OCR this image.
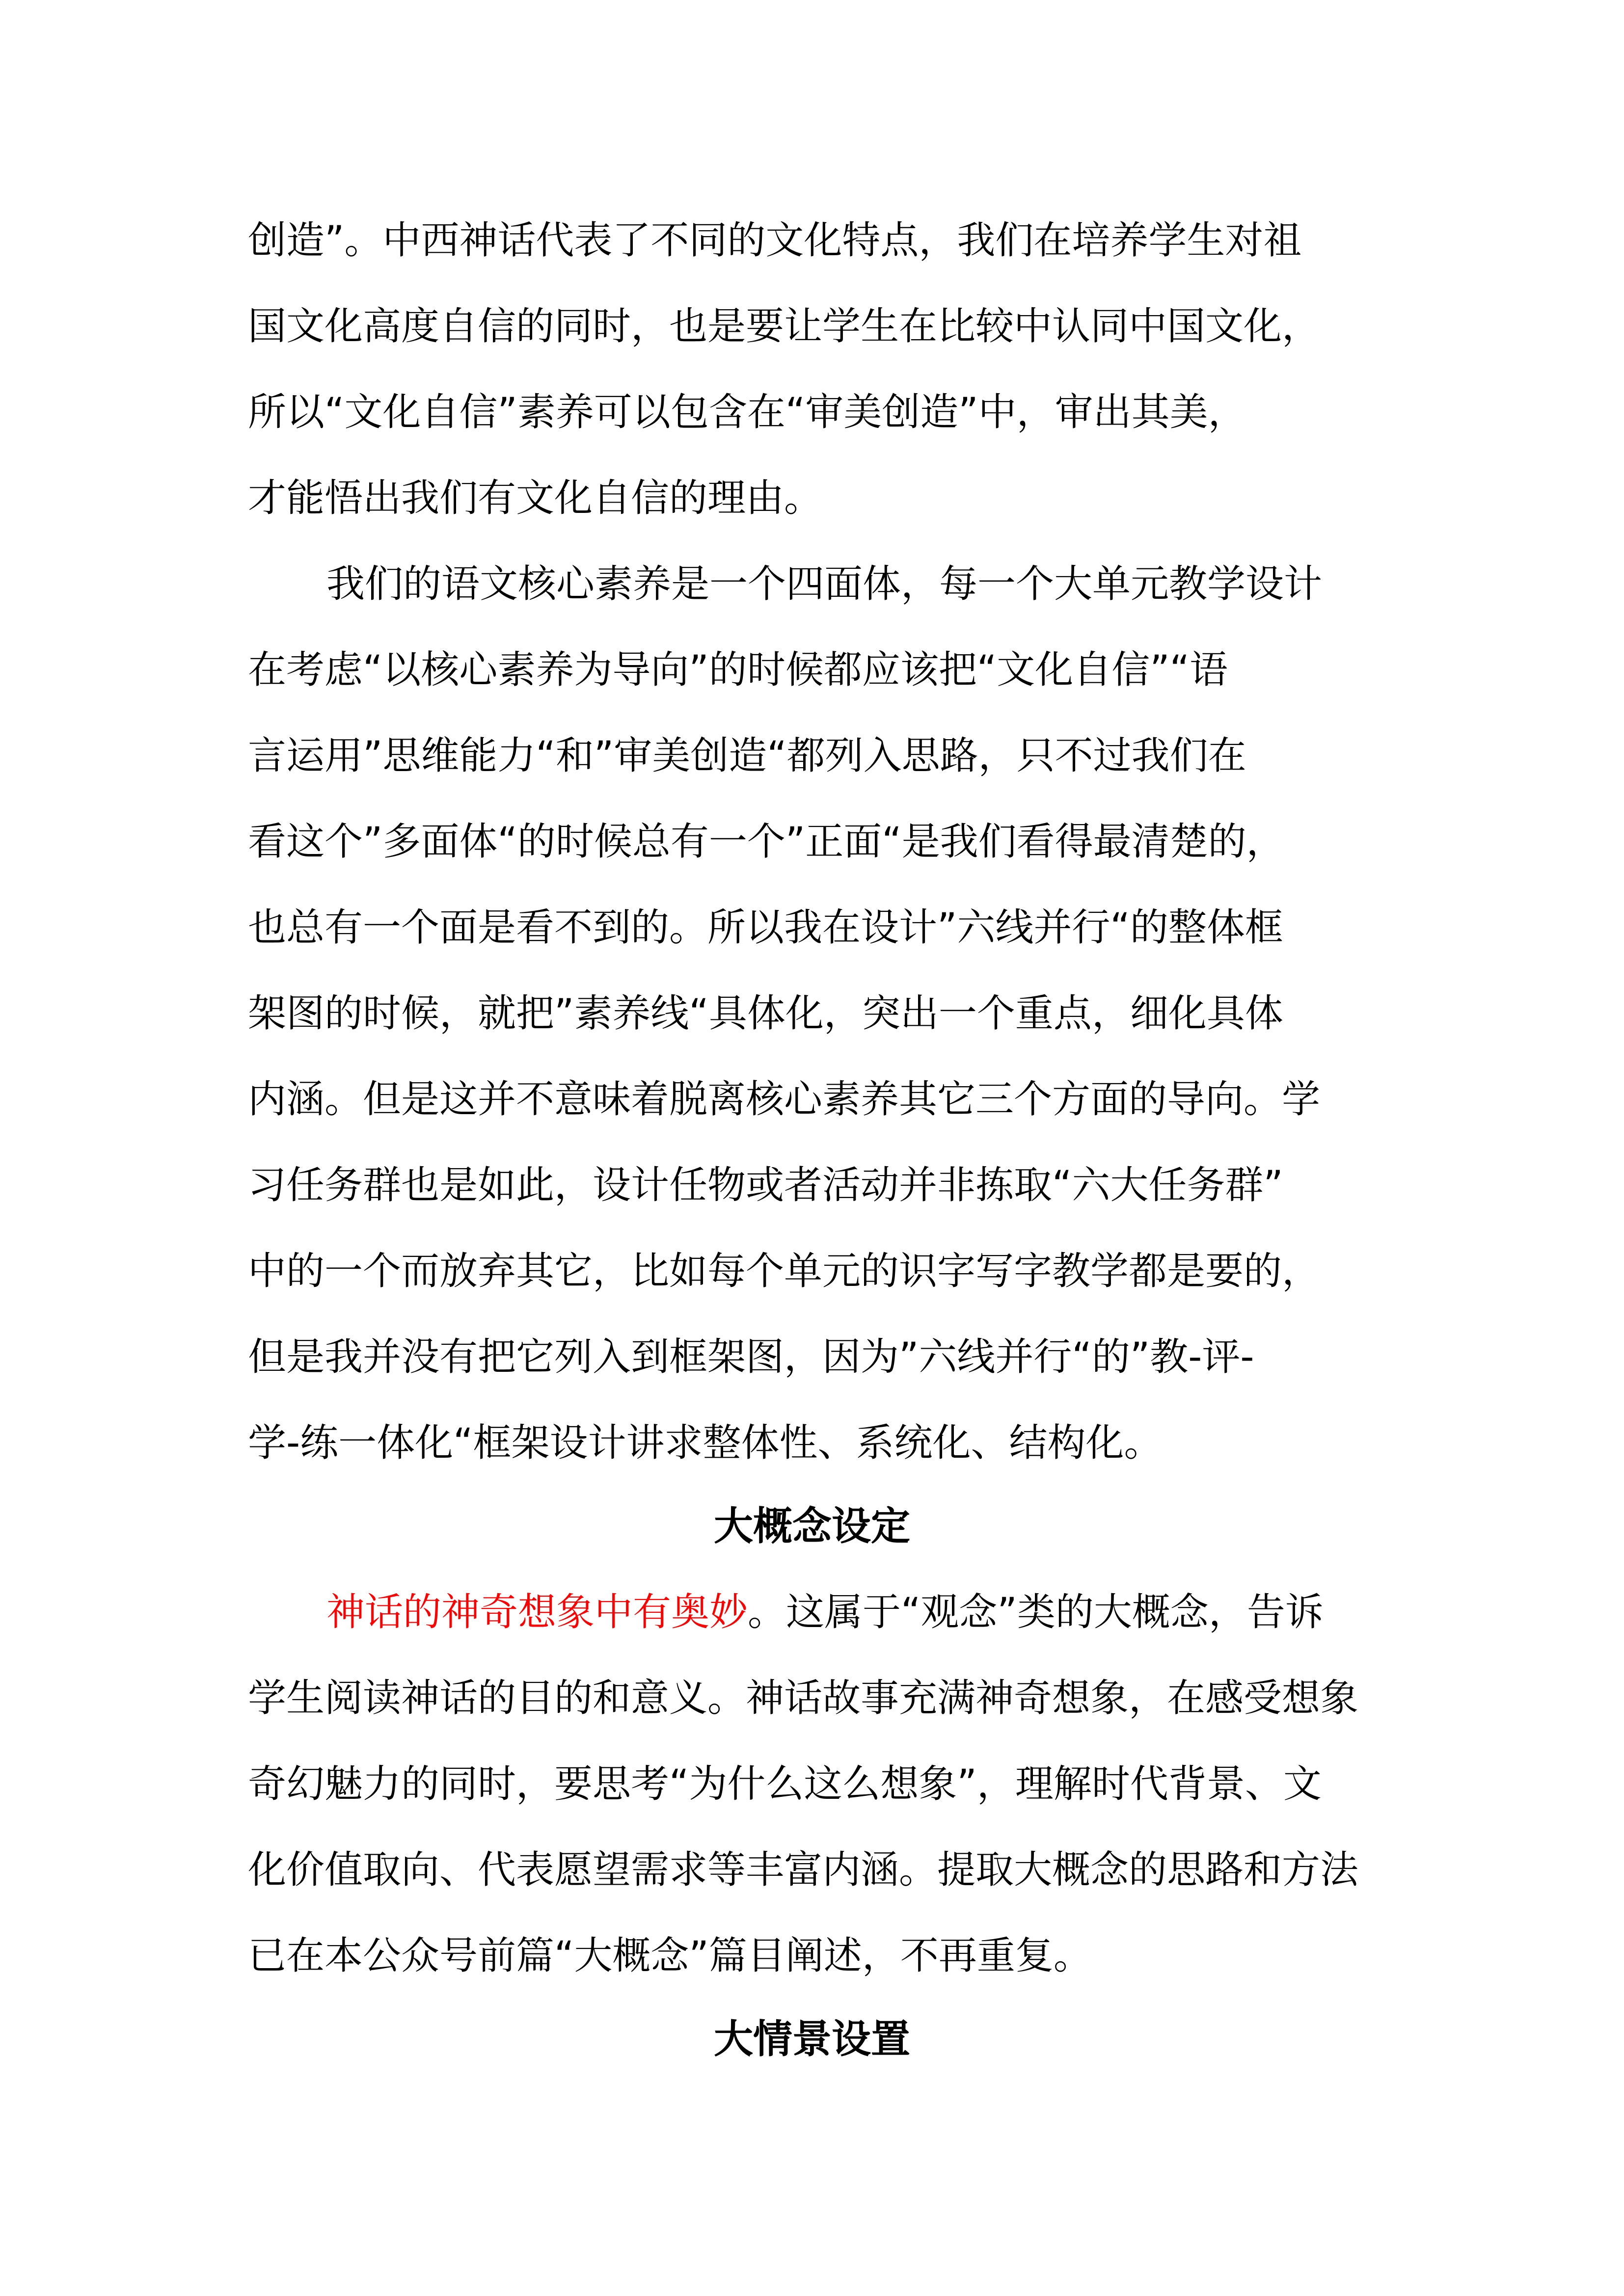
创造”。中西神话代表了不同的文化特点，我们在培养学生对祖
国文化高度自信的同时，也是要让学生在比较中认同中国文化，
所以“文化自信”素养可以包含在“审美创造”中，审出其美，
才能悟出我们有文化自信的理由。
我们的语文核心素养是一个四面体，每一个大单元教学设计
在考虑“以核心素养为导向”的时候都应该把“文化自信”“语
言运用”思维能力“和”审美创造“都列入思路，只不过我们在
看这个”多面体“的时候总有一个”正面“是我们看得最清楚的，
也总有一个面是看不到的。所以我在设计”六线并行“的整体框
架图的时候，就把”素养线“具体化，突出一个重点，细化具体
内涵。但是这并不意味着脱离核心素养其它三个方面的导向。学
习任务群也是如此，设计任物或者活动并非拣取“六大任务群”
中的一个而放弃其它，比如每个单元的识字写字教学都是要的，
但是我并没有把它列入到框架图，因为”六线并行“的”教-评-
学-练一体化“框架设计讲求整体性、系统化、结构化。
大概念设定
神话的神奇想象中有奥妙。这属于“观念”类的大概念，告诉
学生阅读神话的目的和意义。神话故事充满神奇想象，在感受想象
奇幻魅力的同时，要思考“为什么这么想象”，理解时代背景、文
化价值取向、代表愿望需求等丰富内涵。提取大概念的思路和方法
已在本公众号前篇“大概念”篇目阐述，不再重复。
大情景设置
